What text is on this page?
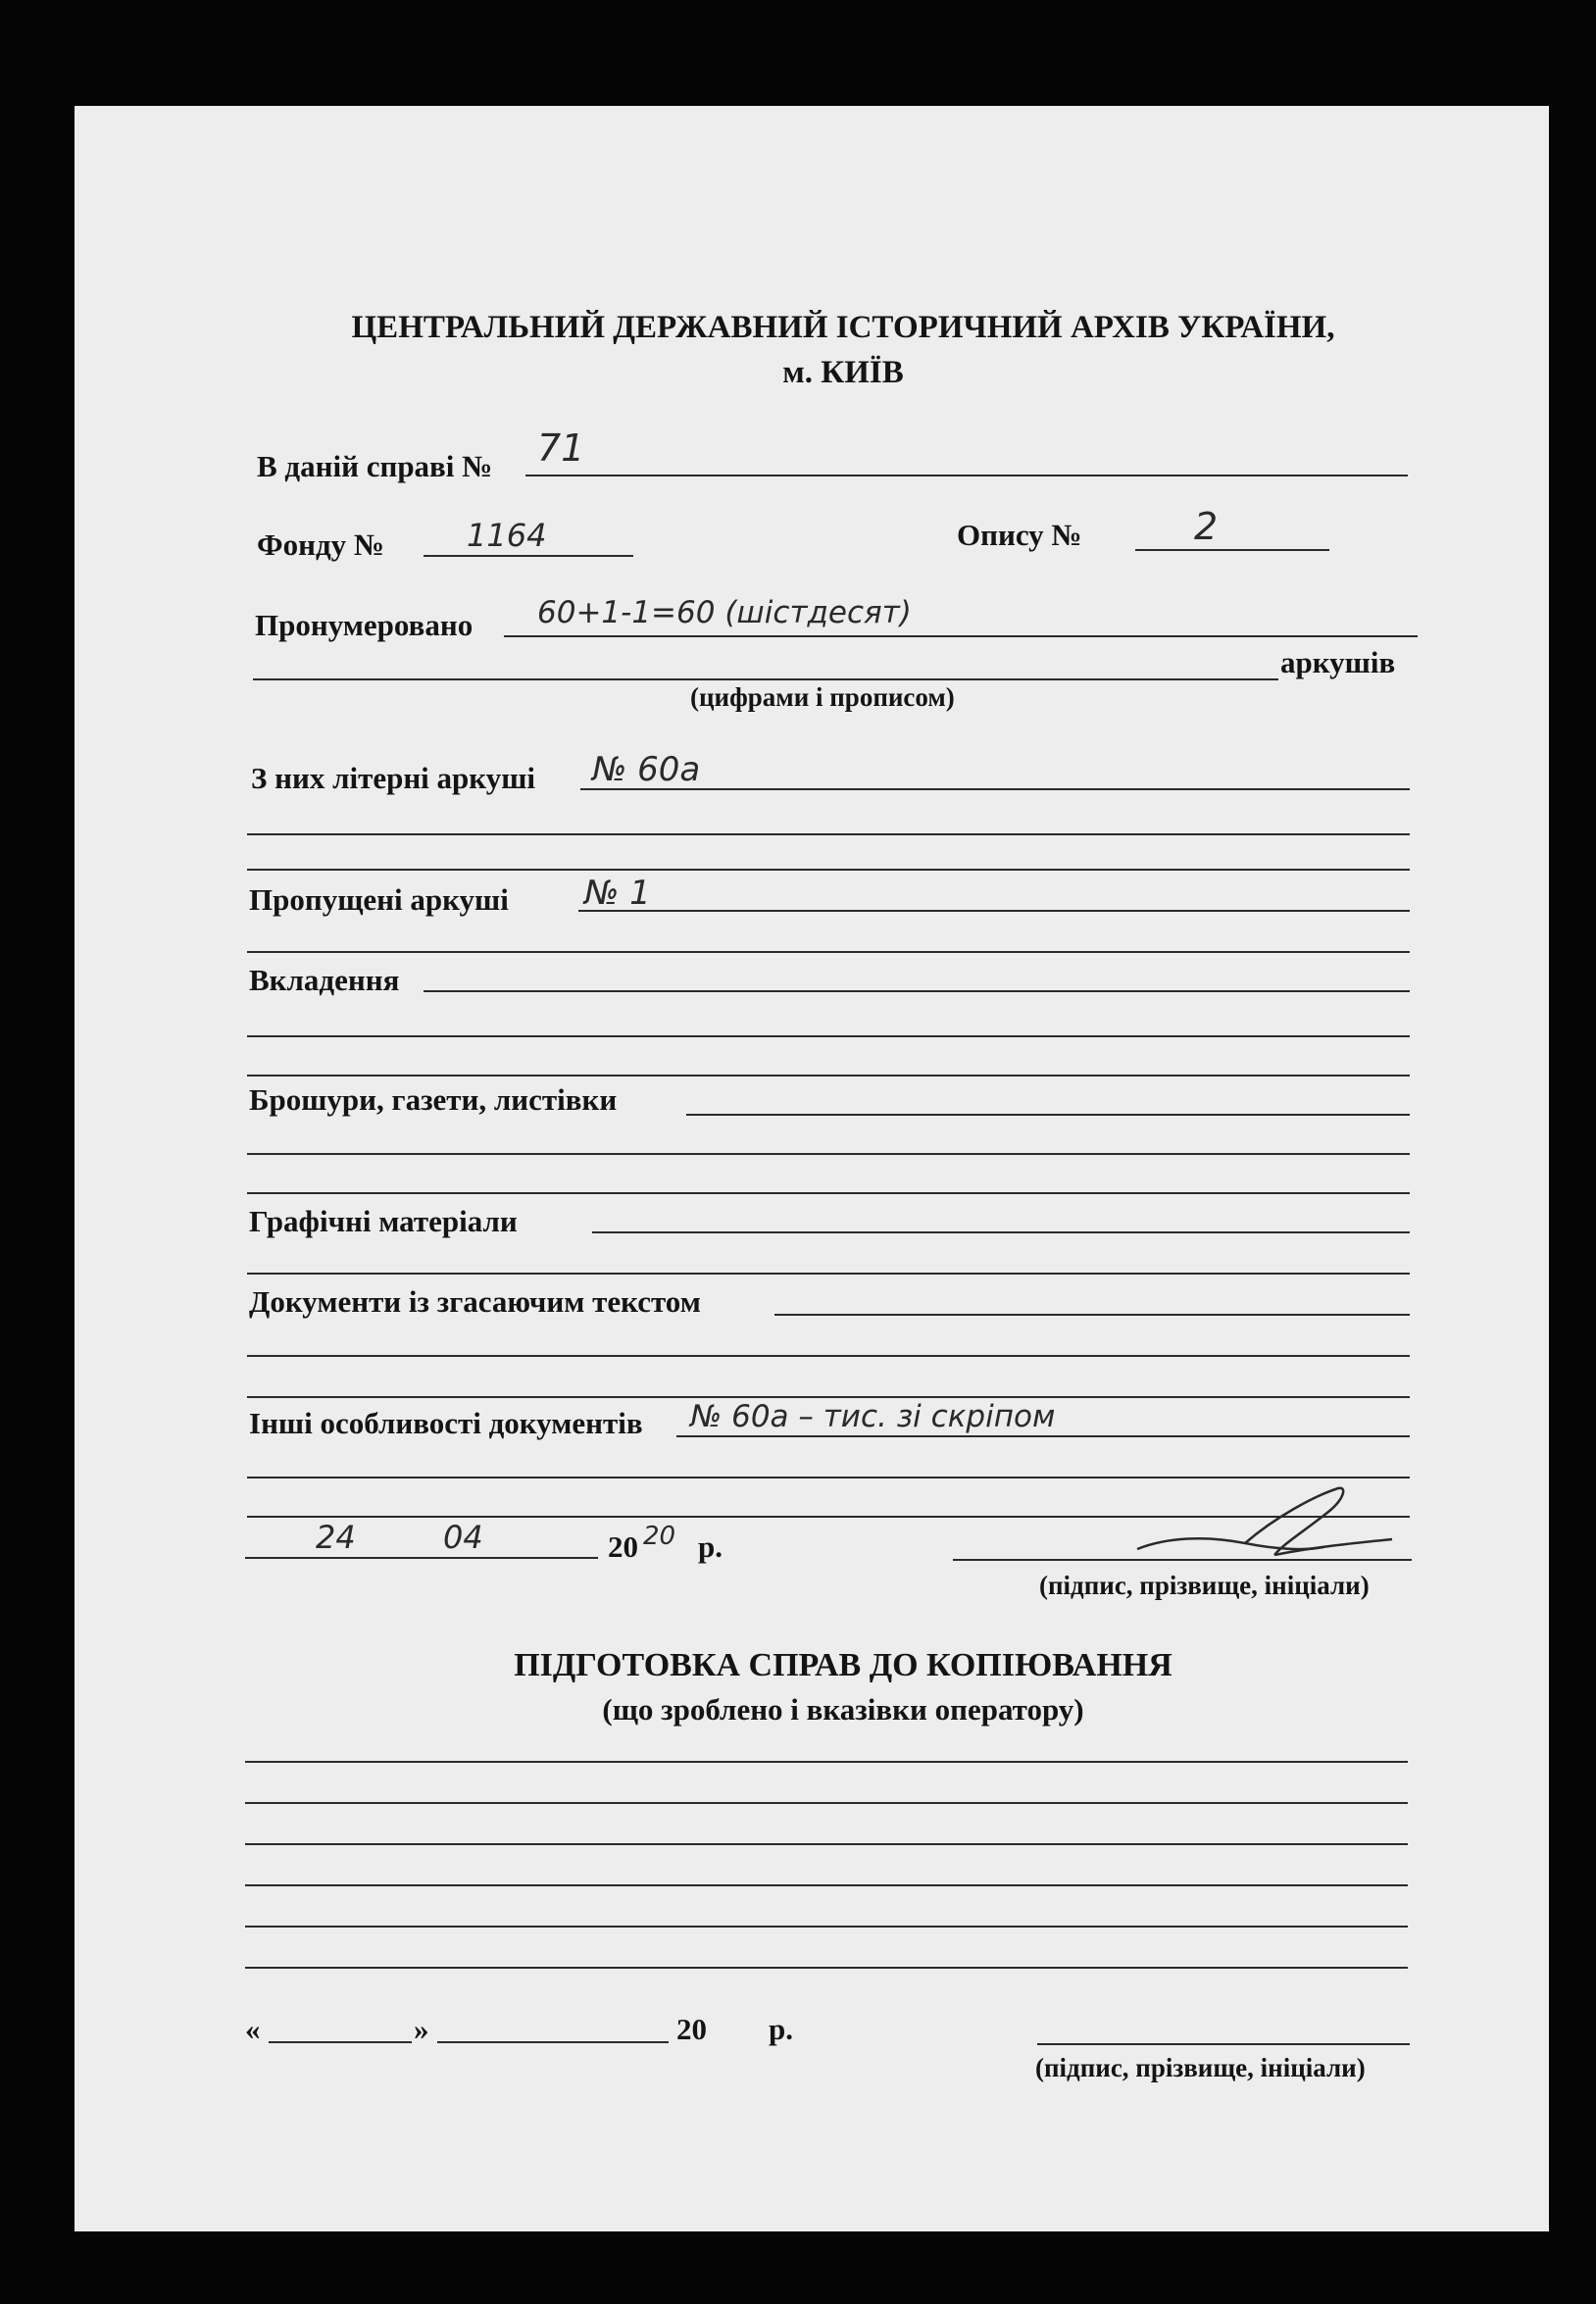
ЦЕНТРАЛЬНИЙ ДЕРЖАВНИЙ ІСТОРИЧНИЙ АРХІВ УКРАЇНИ,
м. КИЇВ
В даній справі № 71
Фонду №	1164	Опису №	2
Пронумеровано 60+1-1=60 (шістдесят)
аркушів
(цифрами і прописом)
З них літерні аркуші № 60а
Пропущені аркуші № 1
Вкладення
Брошури, газети, листівки
Графічні матеріали
Документи із згасаючим текстом
Інші особливості документів № 60а – тис. зі скріпом
24	04	20 20 р.
(підпис, прізвище, ініціали)
ПІДГОТОВКА СПРАВ ДО КОПІЮВАННЯ
(що зроблено і вказівки оператору)
«	»	20 р.
(підпис, прізвище, ініціали)
